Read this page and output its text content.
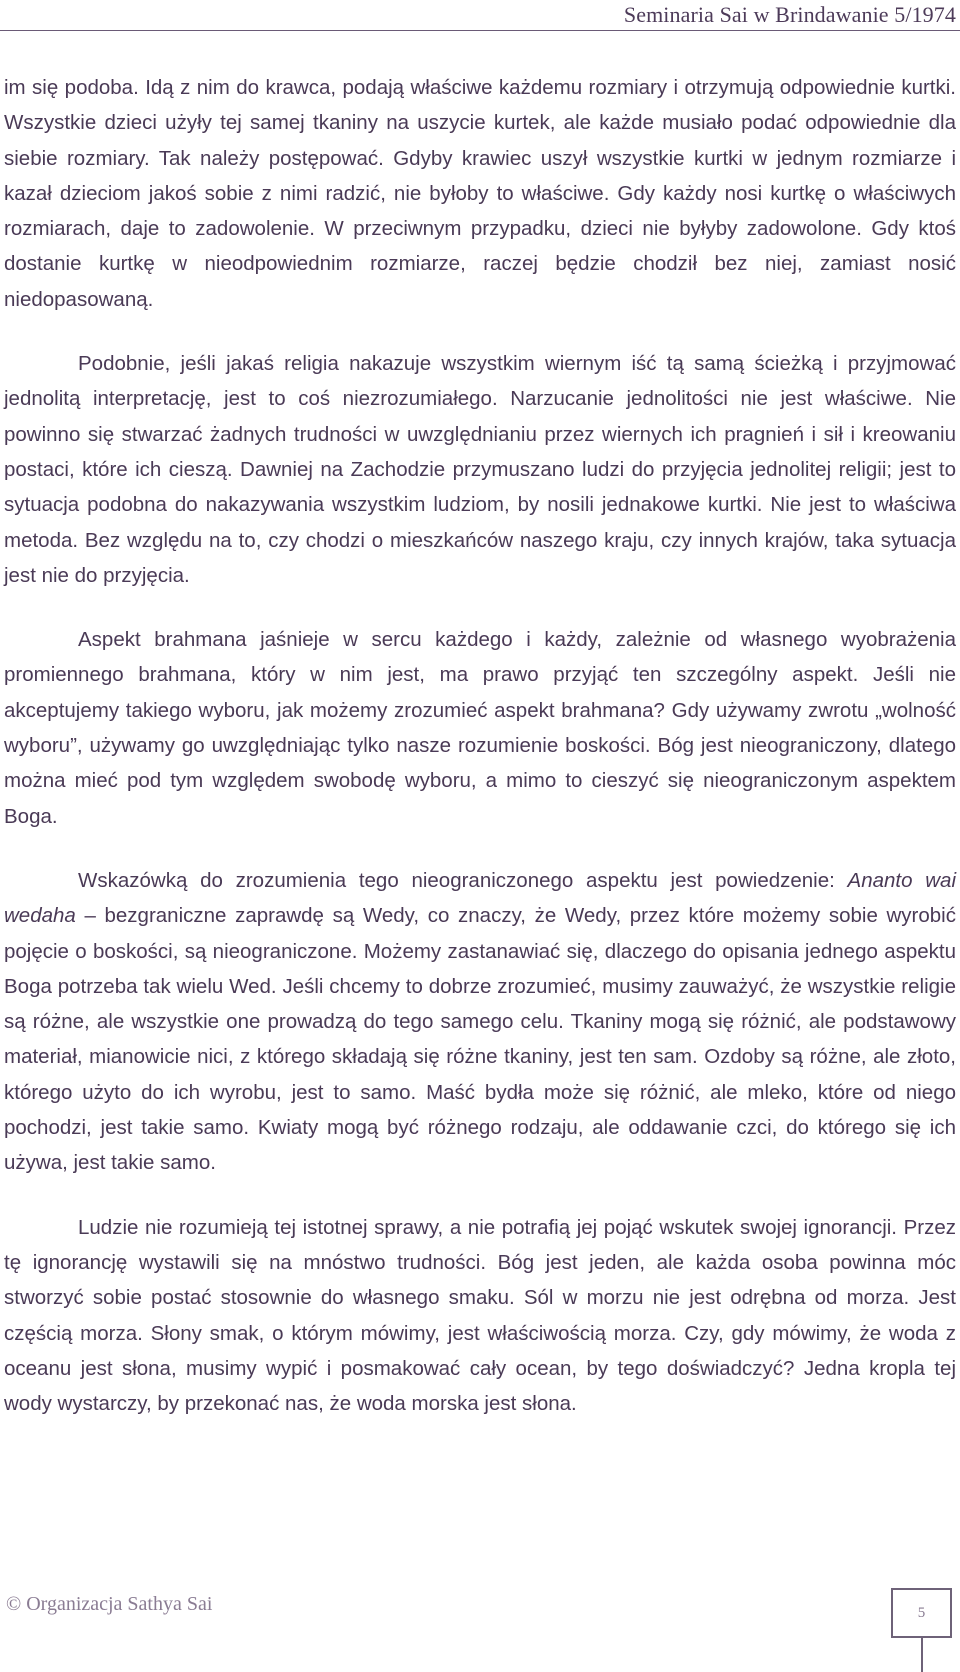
Seminaria Sai w Brindawanie 5/1974

im się podoba. Idą z nim do krawca, podają właściwe każdemu rozmiary i otrzymują odpowiednie kurtki. Wszystkie dzieci użyły tej samej tkaniny na uszycie kurtek, ale każde musiało podać odpowiednie dla siebie rozmiary. Tak należy postępować. Gdyby krawiec uszył wszystkie kurtki w jednym rozmiarze i kazał dzieciom jakoś sobie z nimi radzić, nie byłoby to właściwe. Gdy każdy nosi kurtkę o właściwych rozmiarach, daje to zadowolenie. W przeciwnym przypadku, dzieci nie byłyby zadowolone. Gdy ktoś dostanie kurtkę w nieodpowiednim rozmiarze, raczej będzie chodził bez niej, zamiast nosić niedopasowaną.

Podobnie, jeśli jakaś religia nakazuje wszystkim wiernym iść tą samą ścieżką i przyjmować jednolitą interpretację, jest to coś niezrozumiałego. Narzucanie jednolitości nie jest właściwe. Nie powinno się stwarzać żadnych trudności w uwzględnianiu przez wiernych ich pragnień i sił i kreowaniu postaci, które ich cieszą. Dawniej na Zachodzie przymuszano ludzi do przyjęcia jednolitej religii; jest to sytuacja podobna do nakazywania wszystkim ludziom, by nosili jednakowe kurtki. Nie jest to właściwa metoda. Bez względu na to, czy chodzi o mieszkańców naszego kraju, czy innych krajów, taka sytuacja jest nie do przyjęcia.

Aspekt brahmana jaśnieje w sercu każdego i każdy, zależnie od własnego wyobrażenia promiennego brahmana, który w nim jest, ma prawo przyjąć ten szczególny aspekt. Jeśli nie akceptujemy takiego wyboru, jak możemy zrozumieć aspekt brahmana? Gdy używamy zwrotu „wolność wyboru”, używamy go uwzględniając tylko nasze rozumienie boskości. Bóg jest nieograniczony, dlatego można mieć pod tym względem swobodę wyboru, a mimo to cieszyć się nieograniczonym aspektem Boga.

Wskazówką do zrozumienia tego nieograniczonego aspektu jest powiedzenie: Ananto wai wedaha – bezgraniczne zaprawdę są Wedy, co znaczy, że Wedy, przez które możemy sobie wyrobić pojęcie o boskości, są nieograniczone. Możemy zastanawiać się, dlaczego do opisania jednego aspektu Boga potrzeba tak wielu Wed. Jeśli chcemy to dobrze zrozumieć, musimy zauważyć, że wszystkie religie są różne, ale wszystkie one prowadzą do tego samego celu. Tkaniny mogą się różnić, ale podstawowy materiał, mianowicie nici, z którego składają się różne tkaniny, jest ten sam. Ozdoby są różne, ale złoto, którego użyto do ich wyrobu, jest to samo. Maść bydła może się różnić, ale mleko, które od niego pochodzi, jest takie samo. Kwiaty mogą być różnego rodzaju, ale oddawanie czci, do którego się ich używa, jest takie samo.

Ludzie nie rozumieją tej istotnej sprawy, a nie potrafią jej pojąć wskutek swojej ignorancji. Przez tę ignorancję wystawili się na mnóstwo trudności. Bóg jest jeden, ale każda osoba powinna móc stworzyć sobie postać stosownie do własnego smaku. Sól w morzu nie jest odrębna od morza. Jest częścią morza. Słony smak, o którym mówimy, jest właściwością morza. Czy, gdy mówimy, że woda z oceanu jest słona, musimy wypić i posmakować cały ocean, by tego doświadczyć? Jedna kropla tej wody wystarczy, by przekonać nas, że woda morska jest słona.

© Organizacja Sathya Sai	5
